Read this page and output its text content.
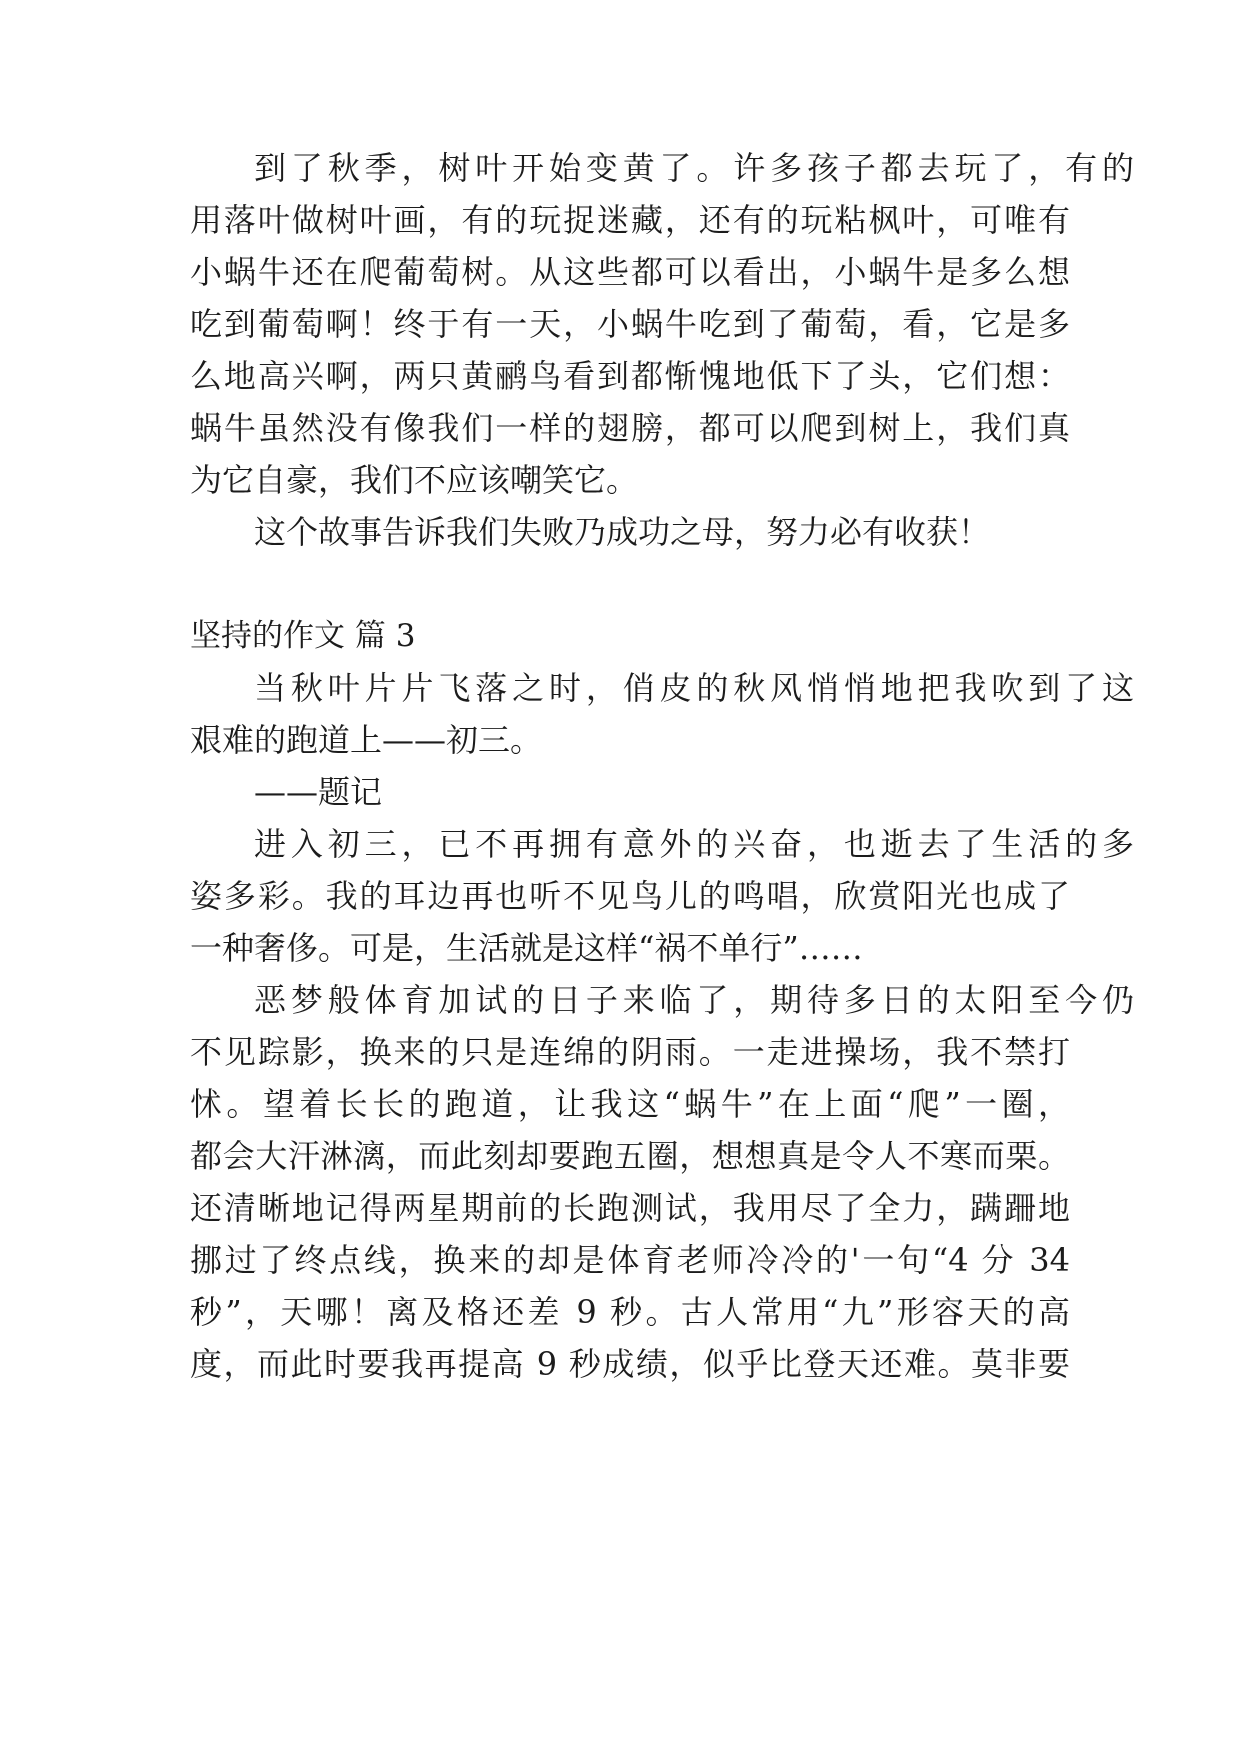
到了秋季，树叶开始变黄了。许多孩子都去玩了，有的
用落叶做树叶画，有的玩捉迷藏，还有的玩粘枫叶，可唯有
小蜗牛还在爬葡萄树。从这些都可以看出，小蜗牛是多么想
吃到葡萄啊！终于有一天，小蜗牛吃到了葡萄，看，它是多
么地高兴啊，两只黄鹂鸟看到都惭愧地低下了头，它们想：
蜗牛虽然没有像我们一样的翅膀，都可以爬到树上，我们真
为它自豪，我们不应该嘲笑它。
这个故事告诉我们失败乃成功之母，努力必有收获！
坚持的作文 篇 3
当秋叶片片飞落之时，俏皮的秋风悄悄地把我吹到了这
艰难的跑道上——初三。
——题记
进入初三，已不再拥有意外的兴奋，也逝去了生活的多
姿多彩。我的耳边再也听不见鸟儿的鸣唱，欣赏阳光也成了
一种奢侈。可是，生活就是这样“祸不单行”……
恶梦般体育加试的日子来临了，期待多日的太阳至今仍
不见踪影，换来的只是连绵的阴雨。一走进操场，我不禁打
怵。望着长长的跑道，让我这“蜗牛”在上面“爬”一圈，
都会大汗淋漓，而此刻却要跑五圈，想想真是令人不寒而栗。
还清晰地记得两星期前的长跑测试，我用尽了全力，蹒跚地
挪过了终点线，换来的却是体育老师冷冷的'一句“4 分 34
秒”，天哪！离及格还差 9 秒。古人常用“九”形容天的高
度，而此时要我再提高 9 秒成绩，似乎比登天还难。莫非要
